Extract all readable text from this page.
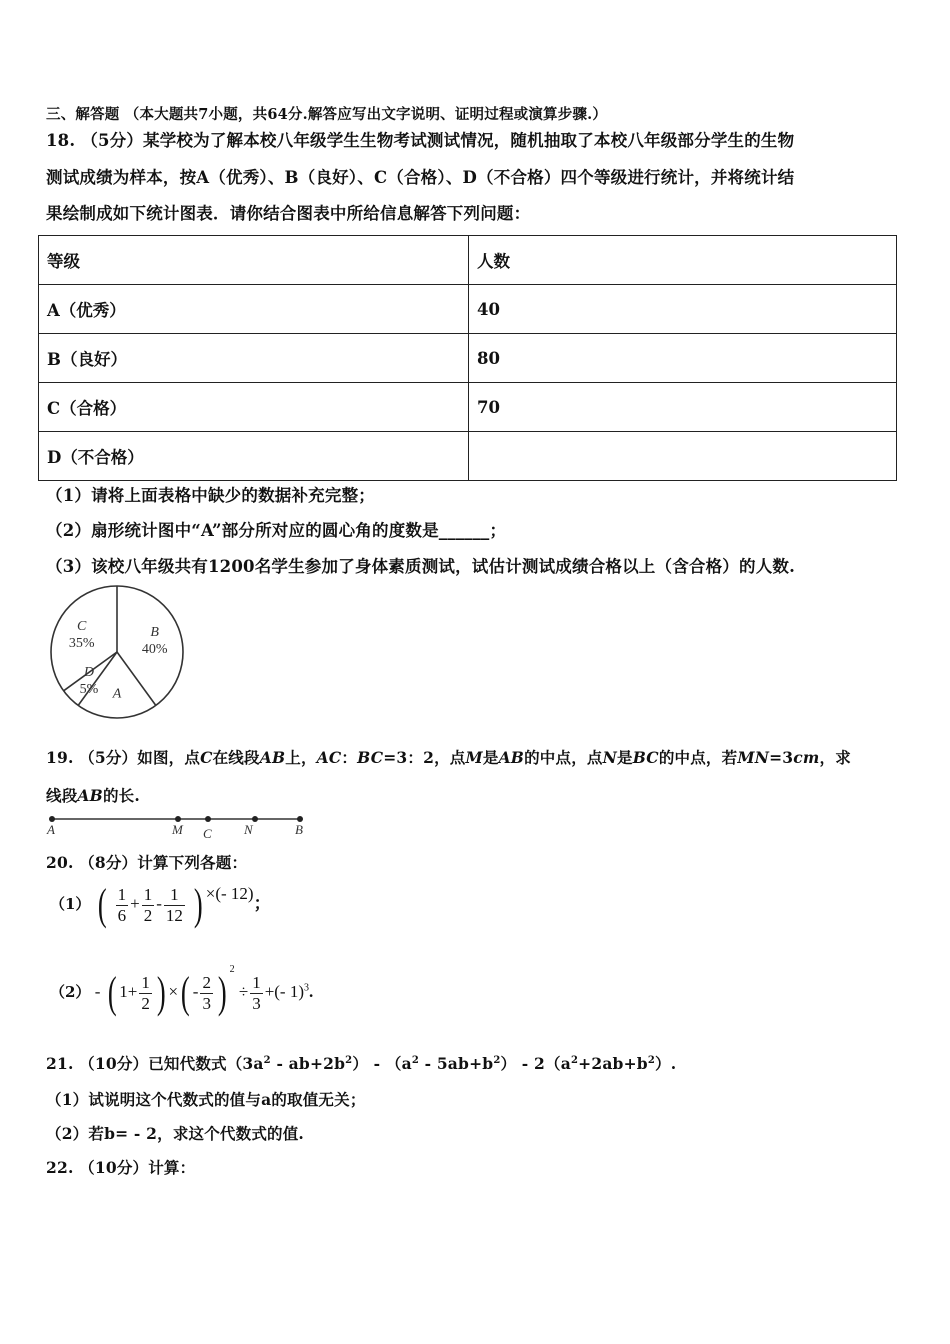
三、解答题 （本大题共7小题，共64分.解答应写出文字说明、证明过程或演算步骤.）
18. （5分）某学校为了解本校八年级学生生物考试测试情况，随机抽取了本校八年级部分学生的生物
测试成绩为样本，按A（优秀）、B（良好）、C（合格）、D（不合格）四个等级进行统计，并将统计结
果绘制成如下统计图表．请你结合图表中所给信息解答下列问题：
等级	人数
A（优秀）	40
B（良好）	80
C（合格）	70
D（不合格）	
（1）请将上面表格中缺少的数据补充完整；
（2）扇形统计图中“A”部分所对应的圆心角的度数是______；
（3）该校八年级共有1200名学生参加了身体素质测试，试估计测试成绩合格以上（含合格）的人数.
B
40%
A
D
5%
C
35%
19. （5分）如图，点C在线段AB上，AC：BC=3：2，点M是AB的中点，点N是BC的中点，若MN=3cm，求
线段AB的长.
A	M C N	B
20. （8分）计算下列各题：
（1） ( $\frac{1}{6} + \frac{1}{2} - \frac{1}{12}$ ) ×(- 12)；
（2） - ( $1+ \frac{1}{2}$ ) ×( - $\frac{2}{3}$ ) $^2 \div \frac{1}{3}$ +(- 1)$^3$.
21. （10分）已知代数式$(3a^2 - ab+2b^2) - (a^2 - 5ab+b^2) - 2(a^2+2ab+b^2)$.
（1）试说明这个代数式的值与a的取值无关；
（2）若b= - 2，求这个代数式的值.
22. （10分）计算：
